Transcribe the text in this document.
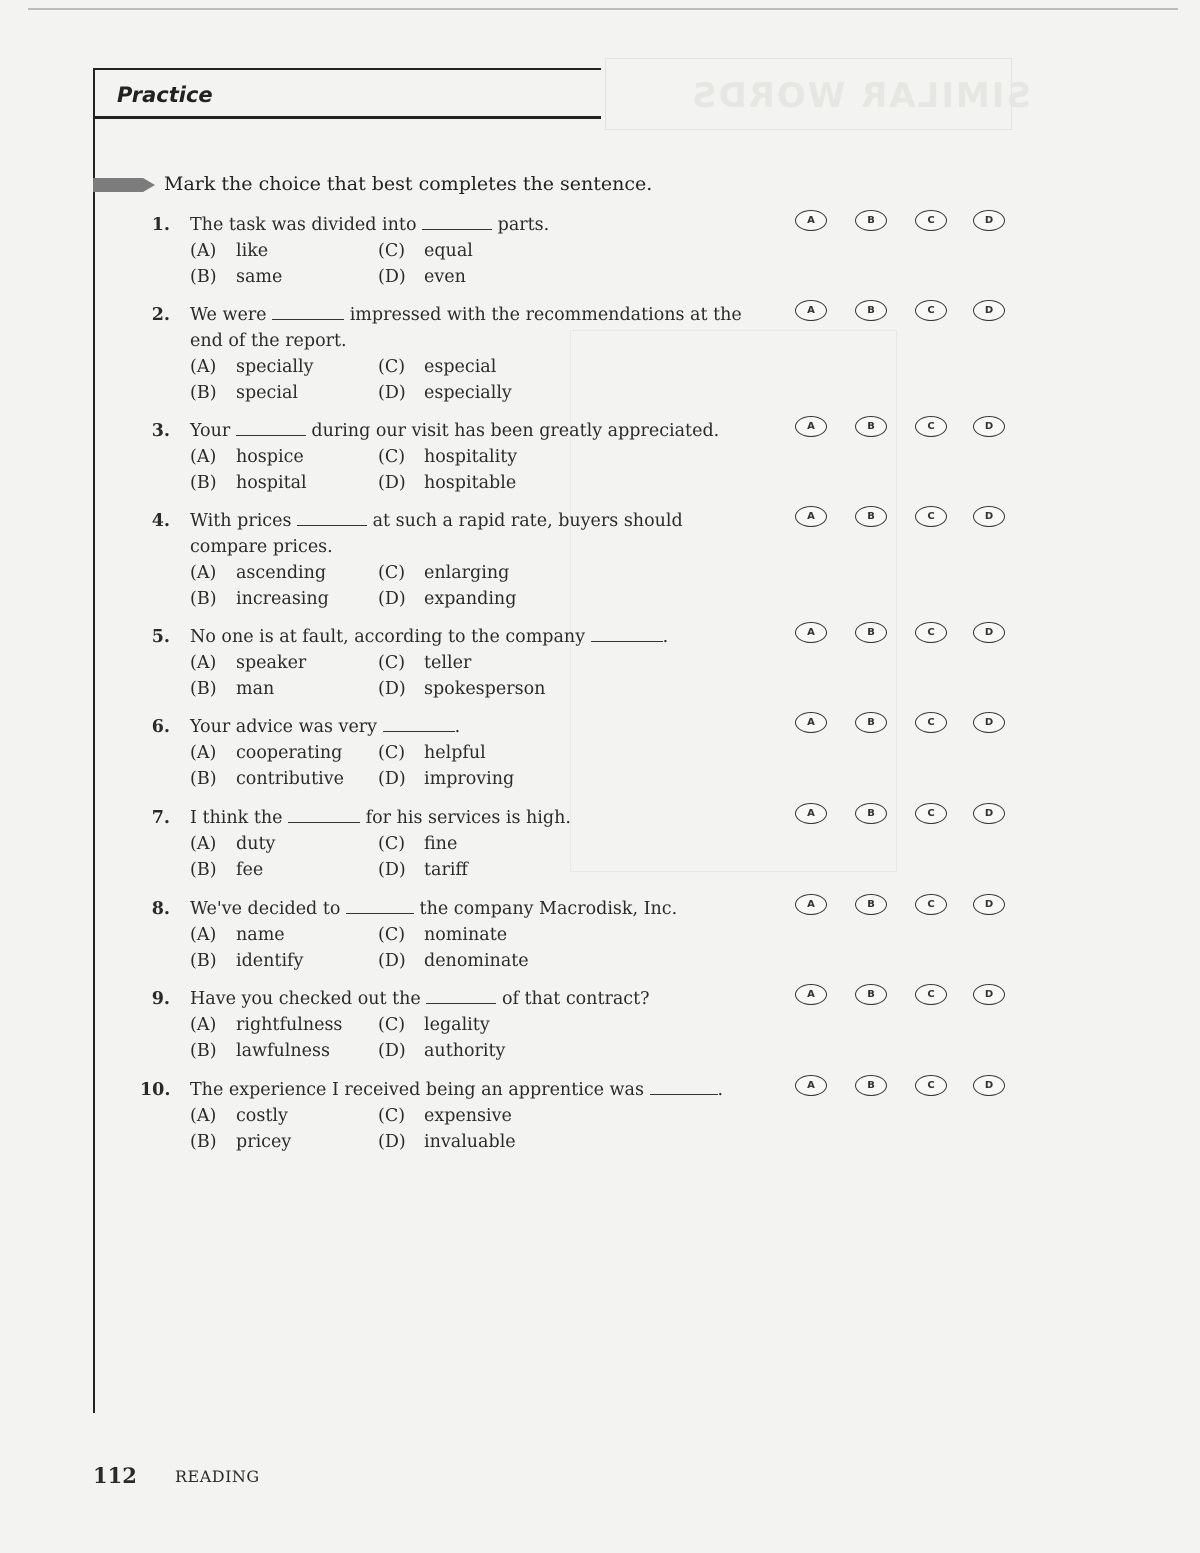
SIMILAR WORDS
Practice
Mark the choice that best completes the sentence.
1. The task was divided into	parts.
(A) like	(C) equal
(B) same	(D) even
A	B	C	D
2. We were	impressed with the recommendations at the end of the report.
(A) specially	(C) especial
(B) special	(D) especially
A	B	C	D
3. Your	during our visit has been greatly appreciated.
(A) hospice	(C) hospitality
(B) hospital	(D) hospitable
A	B	C	D
4. With prices	at such a rapid rate, buyers should compare prices.
(A) ascending	(C) enlarging
(B) increasing	(D) expanding
A	B	C	D
5. No one is at fault, according to the company	.
(A) speaker	(C) teller
(B) man	(D) spokesperson
A	B	C	D
6. Your advice was very	.
(A) cooperating (C) helpful
(B) contributive (D) improving
A	B	C	D
7. I think the	for his services is high.
(A) duty	(C) fine
(B) fee	(D) tariff
A	B	C	D
8. We've decided to	the company Macrodisk, Inc.
(A) name	(C) nominate
(B) identify	(D) denominate
A	B	C	D
9. Have you checked out the	of that contract?
(A) rightfulness (C) legality
(B) lawfulness	(D) authority
A	B	C	D
10. The experience I received being an apprentice was	.
(A) costly	(C) expensive
(B) pricey	(D) invaluable
A	B	C	D
112 READING
